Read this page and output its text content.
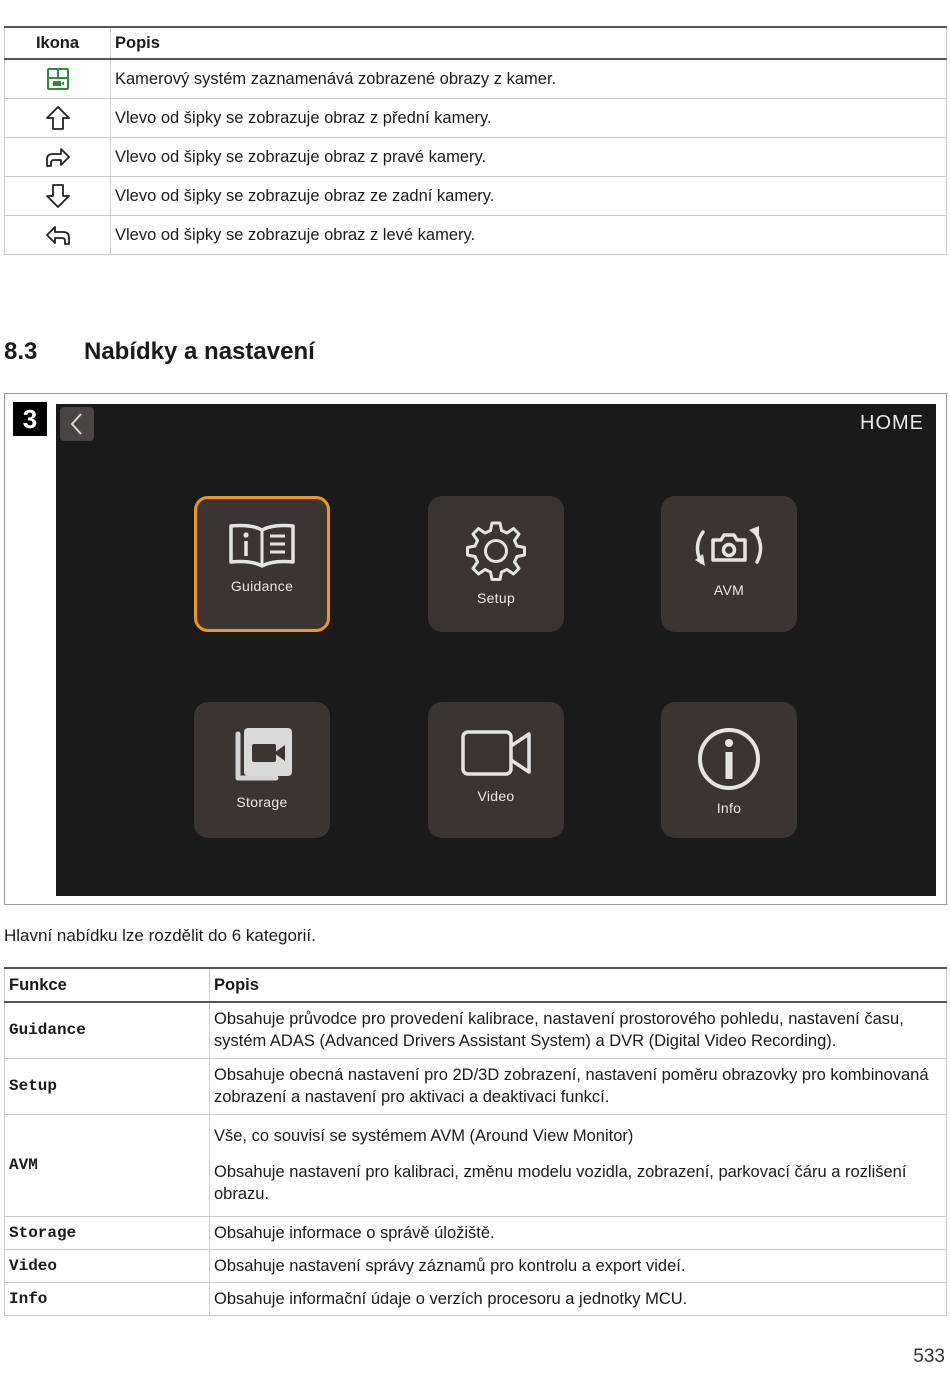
Ikona	Popis
	Kamerový systém zaznamenává zobrazené obrazy z kamer.
	Vlevo od šipky se zobrazuje obraz z přední kamery.
	Vlevo od šipky se zobrazuje obraz z pravé kamery.
	Vlevo od šipky se zobrazuje obraz ze zadní kamery.
	Vlevo od šipky se zobrazuje obraz z levé kamery.
8.3 Nabídky a nastavení
3	HOME
Guidance
Setup	AVM
Storage	Video
Info

Hlavní nabídku lze rozdělit do 6 kategorií.

Funkce	Popis
Guidance	Obsahuje průvodce pro provedení kalibrace, nastavení prostorového pohledu, nastavení času, systém ADAS (Advanced Drivers Assistant System) a DVR (Digital Video Recording).

Setup	Obsahuje obecná nastavení pro 2D/3D zobrazení, nastavení poměru obrazovky pro kombinovaná zobrazení a nastavení pro aktivaci a deaktivaci funkcí.

AVM	Vše, co souvisí se systémem AVM (Around View Monitor)

Obsahuje nastavení pro kalibraci, změnu modelu vozidla, zobrazení, parkovací čáru a rozlišení obrazu.

Storage	Obsahuje informace o správě úložiště.

Video	Obsahuje nastavení správy záznamů pro kontrolu a export videí.

Info	Obsahuje informační údaje o verzích procesoru a jednotky MCU.

533
